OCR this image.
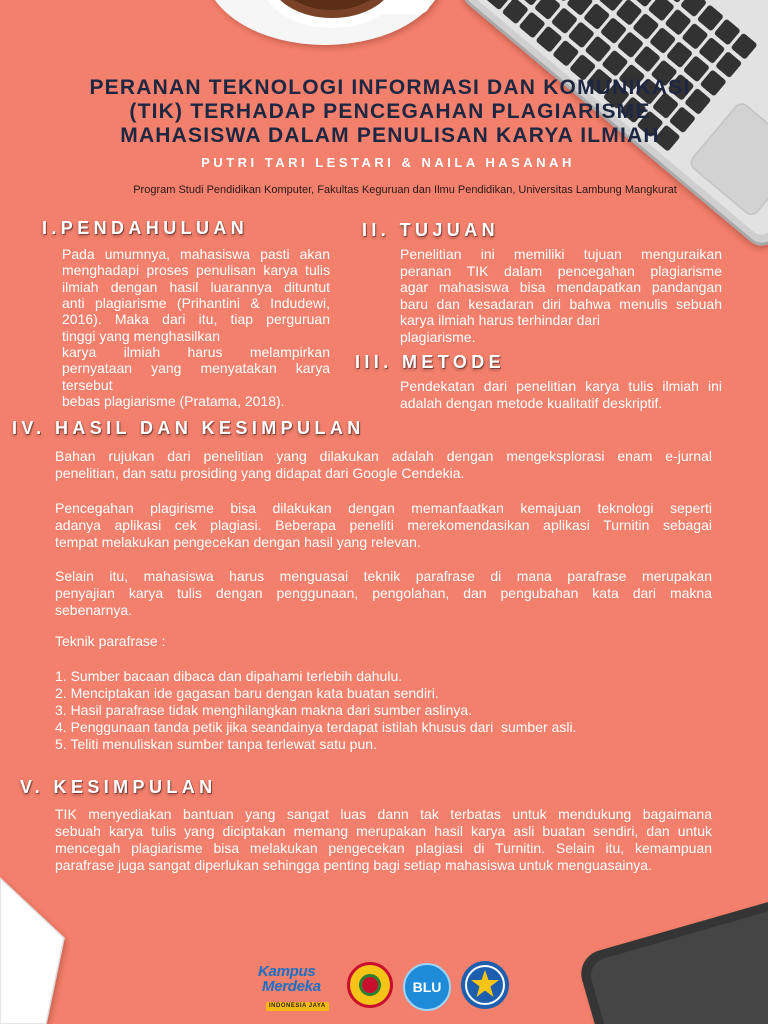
PERANAN TEKNOLOGI INFORMASI DAN KOMUNIKASI
(TIK) TERHADAP PENCEGAHAN PLAGIARISME
MAHASISWA DALAM PENULISAN KARYA ILMIAH
PUTRI TARI LESTARI & NAILA HASANAH
Program Studi Pendidikan Komputer, Fakultas Keguruan dan Ilmu Pendidikan, Universitas Lambung Mangkurat
I.PENDAHULUAN	II. TUJUAN
III. METODE
IV. HASIL DAN KESIMPULAN
V. KESIMPULAN
Pada umumnya, mahasiswa pasti akan
menghadapi proses penulisan karya tulis
ilmiah dengan hasil luarannya dituntut
anti plagiarisme (Prihantini & Indudewi,
2016). Maka dari itu, tiap perguruan
tinggi yang menghasilkan
karya ilmiah harus melampirkan
pernyataan yang menyatakan karya
tersebut
bebas plagiarisme (Pratama, 2018).
Penelitian ini memiliki tujuan menguraikan
peranan TIK dalam pencegahan plagiarisme
agar mahasiswa bisa mendapatkan pandangan
baru dan kesadaran diri bahwa menulis sebuah
karya ilmiah harus terhindar dari
plagiarisme.
Pendekatan dari penelitian karya tulis ilmiah ini
adalah dengan metode kualitatif deskriptif.
Bahan rujukan dari penelitian yang dilakukan adalah dengan mengeksplorasi enam e-jurnal
penelitian, dan satu prosiding yang didapat dari Google Cendekia.
Pencegahan plagirisme bisa dilakukan dengan memanfaatkan kemajuan teknologi seperti
adanya aplikasi cek plagiasi. Beberapa peneliti merekomendasikan aplikasi Turnitin sebagai
tempat melakukan pengecekan dengan hasil yang relevan.
Selain itu, mahasiswa harus menguasai teknik parafrase di mana parafrase merupakan
penyajian karya tulis dengan penggunaan, pengolahan, dan pengubahan kata dari makna
sebenarnya.
Teknik parafrase :
1. Sumber bacaan dibaca dan dipahami terlebih dahulu.
2. Menciptakan ide gagasan baru dengan kata buatan sendiri.
3. Hasil parafrase tidak menghilangkan makna dari sumber aslinya.
4. Penggunaan tanda petik jika seandainya terdapat istilah khusus dari  sumber asli.
5. Teliti menuliskan sumber tanpa terlewat satu pun.
TIK menyediakan bantuan yang sangat luas dann tak terbatas untuk mendukung bagaimana
sebuah karya tulis yang diciptakan memang merupakan hasil karya asli buatan sendiri, dan untuk
mencegah plagiarisme bisa melakukan pengecekan plagiasi di Turnitin. Selain itu, kemampuan
parafrase juga sangat diperlukan sehingga penting bagi setiap mahasiswa untuk menguasainya.
Kampus
Merdeka
INDONESIA JAYA
BLU
